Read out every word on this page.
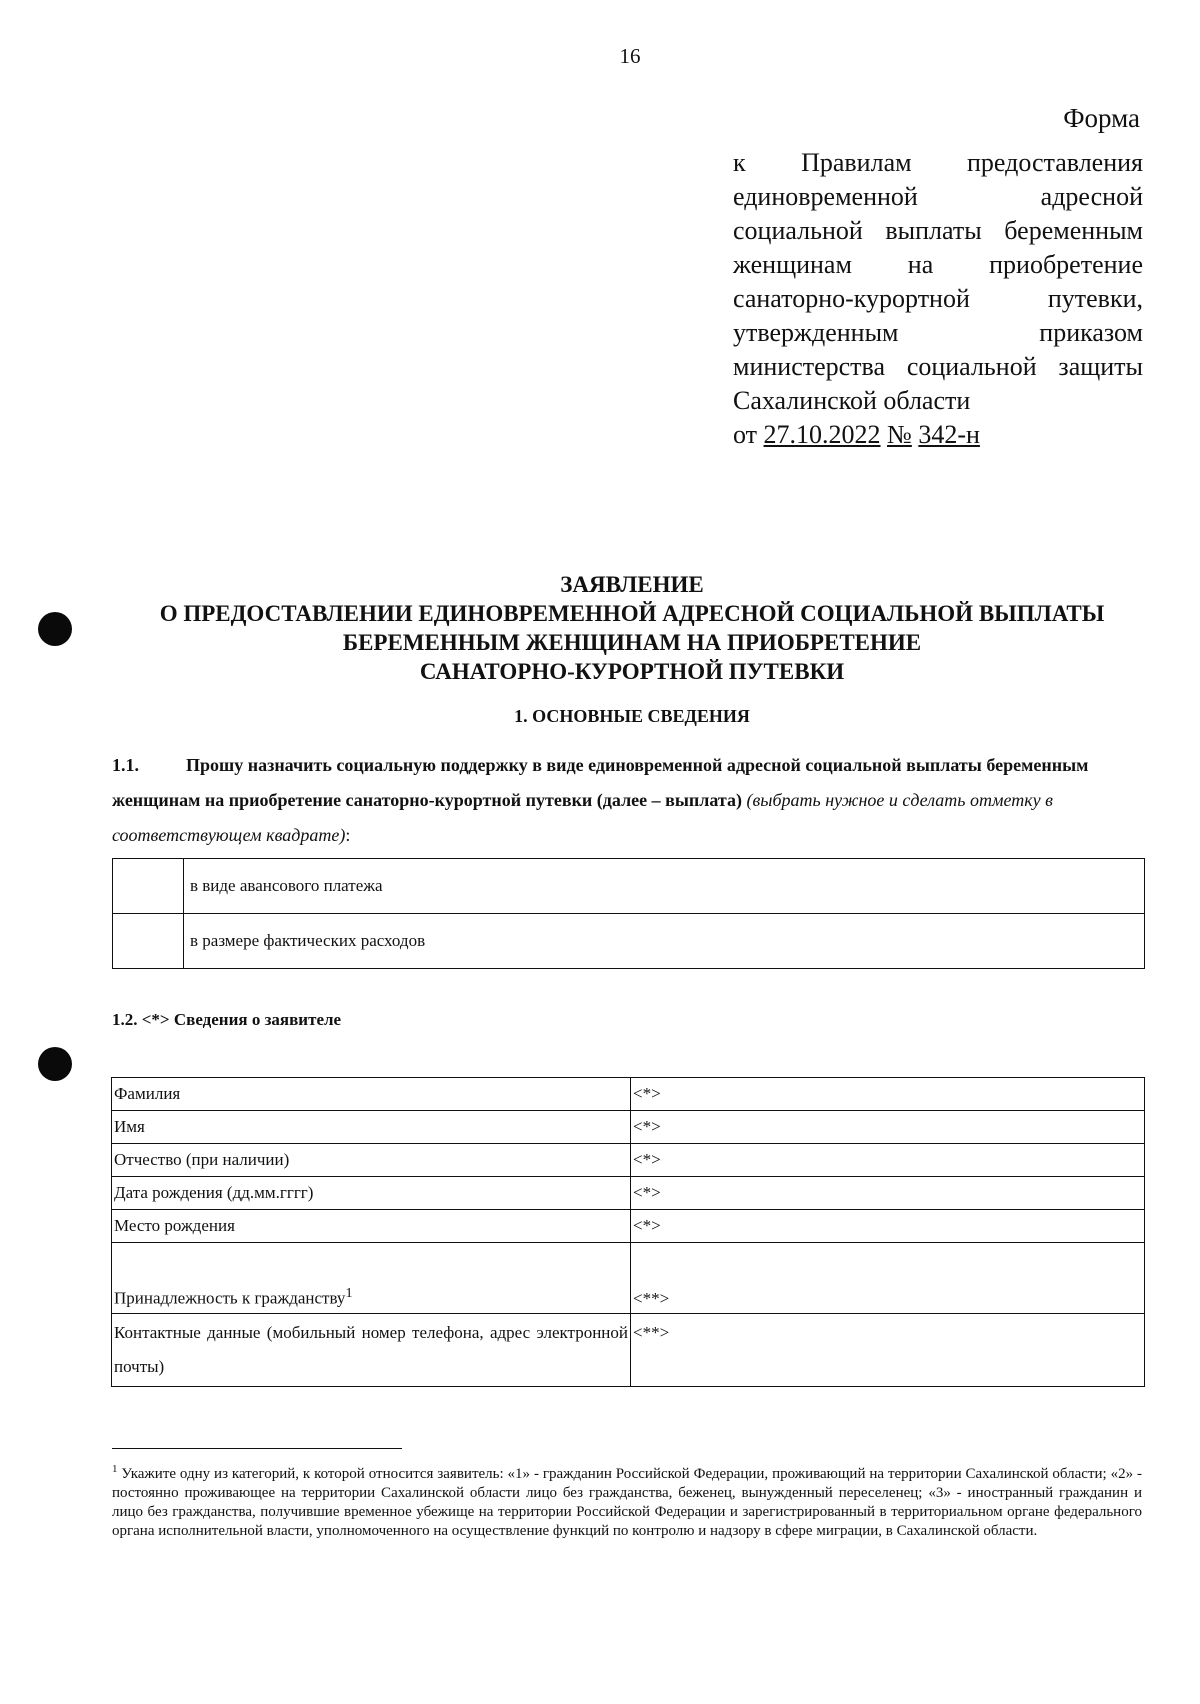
16
Форма
к Правилам предоставления
единовременной адресной
социальной выплаты беременным
женщинам на приобретение
санаторно-курортной путевки,
утвержденным приказом
министерства социальной защиты
Сахалинской области
от 27.10.2022 № 342-н
ЗАЯВЛЕНИЕ
О ПРЕДОСТАВЛЕНИИ ЕДИНОВРЕМЕННОЙ АДРЕСНОЙ СОЦИАЛЬНОЙ ВЫПЛАТЫ
БЕРЕМЕННЫМ ЖЕНЩИНАМ НА ПРИОБРЕТЕНИЕ
САНАТОРНО-КУРОРТНОЙ ПУТЕВКИ
1. ОСНОВНЫЕ СВЕДЕНИЯ
1.1.	Прошу назначить социальную поддержку в виде единовременной адресной социальной выплаты беременным женщинам на приобретение санаторно-курортной путевки (далее – выплата) (выбрать нужное и сделать отметку в соответствующем квадрате):
	в виде авансового платежа
	в размере фактических расходов
1.2. <*> Сведения о заявителе
Фамилия	<*>
Имя	<*>
Отчество (при наличии)	<*>
Дата рождения (дд.мм.гггг)	<*>
Место рождения	<*>
Принадлежность к гражданству$^1$	<**>
Контактные данные (мобильный номер телефона, адрес электронной почты)	<**>
$^1$ Укажите одну из категорий, к которой относится заявитель: «1» - гражданин Российской Федерации, проживающий на территории Сахалинской области; «2» - постоянно проживающее на территории Сахалинской области лицо без гражданства, беженец, вынужденный переселенец; «3» - иностранный гражданин и лицо без гражданства, получившие временное убежище на территории Российской Федерации и зарегистрированный в территориальном органе федерального органа исполнительной власти, уполномоченного на осуществление функций по контролю и надзору в сфере миграции, в Сахалинской области.
